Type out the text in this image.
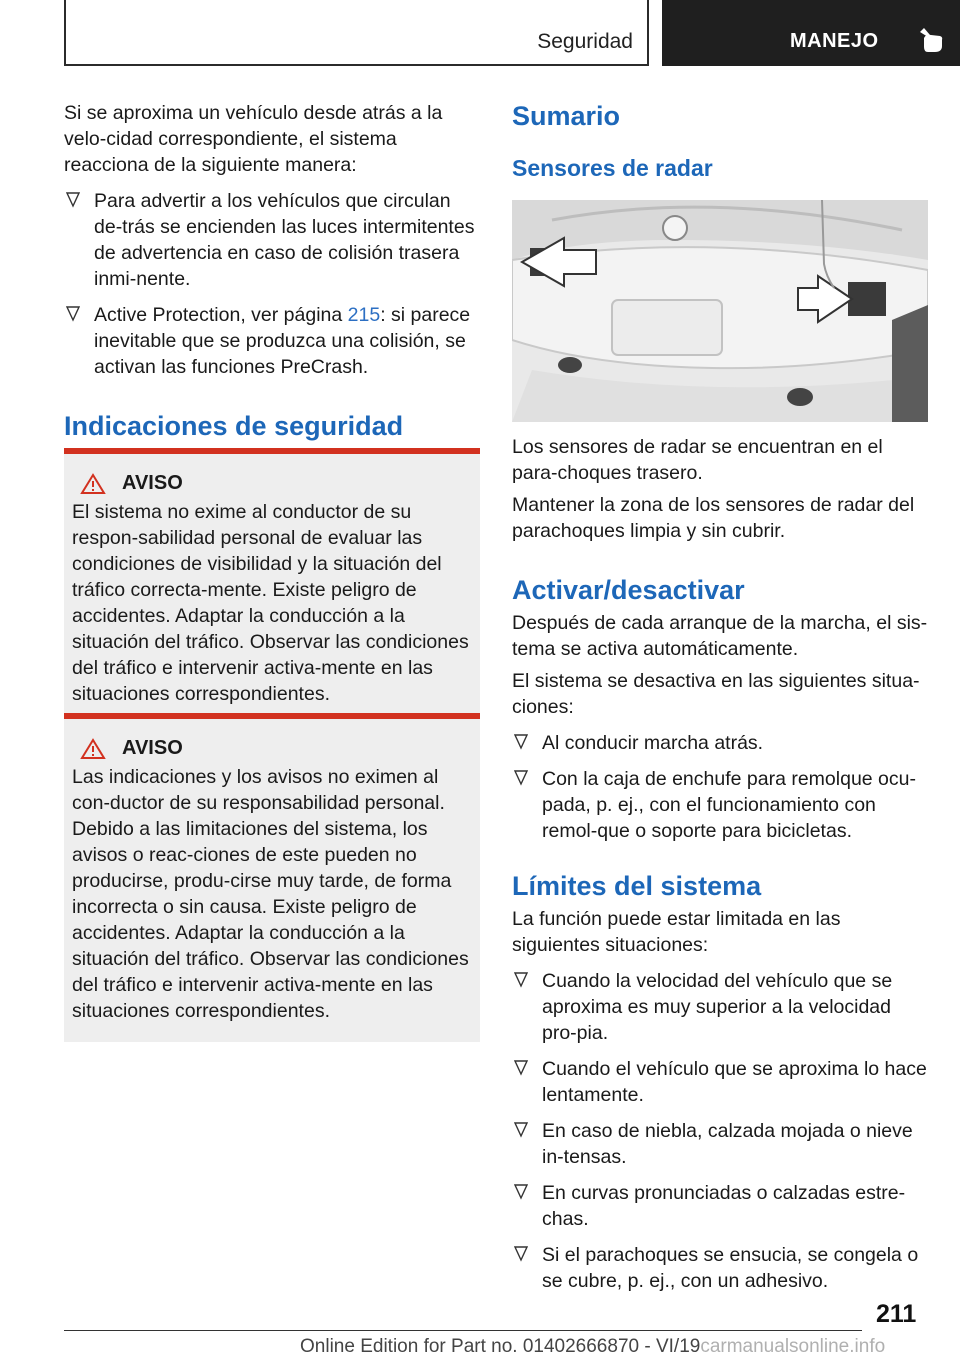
Seguridad	MANEJO

Si se aproxima un vehículo desde atrás a la velo-cidad correspondiente, el sistema reacciona de la siguiente manera:

Para advertir a los vehículos que circulan de-trás se encienden las luces intermitentes de advertencia en caso de colisión trasera inmi-nente.
Active Protection, ver página 215: si parece inevitable que se produzca una colisión, se activan las funciones PreCrash.
Indicaciones de seguridad
AVISO

El sistema no exime al conductor de su respon-sabilidad personal de evaluar las condiciones de visibilidad y la situación del tráfico correcta-mente. Existe peligro de accidentes. Adaptar la conducción a la situación del tráfico. Observar las condiciones del tráfico e intervenir activa-mente en las situaciones correspondientes.

AVISO

Las indicaciones y los avisos no eximen al con-ductor de su responsabilidad personal. Debido a las limitaciones del sistema, los avisos o reac-ciones de este pueden no producirse, produ-cirse muy tarde, de forma incorrecta o sin causa. Existe peligro de accidentes. Adaptar la conducción a la situación del tráfico. Observar las condiciones del tráfico e intervenir activa-mente en las situaciones correspondientes.

Sumario
Sensores de radar

Los sensores de radar se encuentran en el para-choques trasero.

Mantener la zona de los sensores de radar del parachoques limpia y sin cubrir.

Activar/desactivar

Después de cada arranque de la marcha, el sis-tema se activa automáticamente.

El sistema se desactiva en las siguientes situa-ciones:

Al conducir marcha atrás.
Con la caja de enchufe para remolque ocu-pada, p. ej., con el funcionamiento con remol-que o soporte para bicicletas.
Límites del sistema

La función puede estar limitada en las siguientes situaciones:

Cuando la velocidad del vehículo que se aproxima es muy superior a la velocidad pro-pia.
Cuando el vehículo que se aproxima lo hace lentamente.
En caso de niebla, calzada mojada o nieve in-tensas.
En curvas pronunciadas o calzadas estre-chas.
Si el parachoques se ensucia, se congela o se cubre, p. ej., con un adhesivo.
211
Online Edition for Part no. 01402666870 - VI/19carmanualsonline.info
